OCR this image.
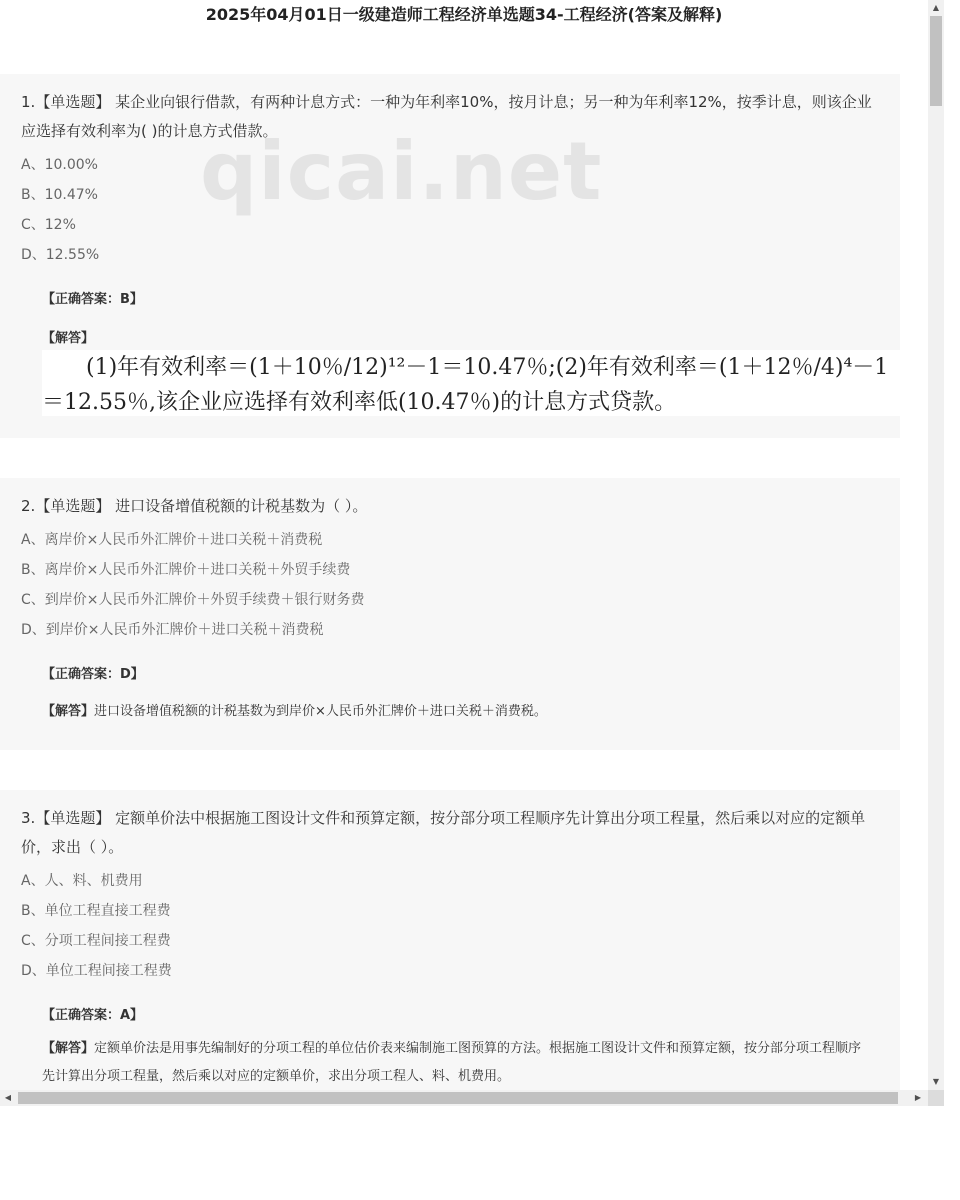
2025年04月01日一级建造师工程经济单选题34-工程经济(答案及解释)
1.【单选题】 某企业向银行借款，有两种计息方式：一种为年利率10%，按月计息；另一种为年利率12%，按季计息，则该企业应选择有效利率为( )的计息方式借款。
A、10.00%
B、10.47%
C、12%
D、12.55%
【正确答案：B】
【解答】
　　(1)年有效利率＝(1＋10％/12)¹²－1＝10.47％;(2)年有效利率＝(1＋12％/4)⁴－1
＝12.55％,该企业应选择有效利率低(10.47％)的计息方式贷款。
2.【单选题】 进口设备增值税额的计税基数为（ ）。
A、离岸价×人民币外汇牌价＋进口关税＋消费税
B、离岸价×人民币外汇牌价＋进口关税＋外贸手续费
C、到岸价×人民币外汇牌价＋外贸手续费＋银行财务费
D、到岸价×人民币外汇牌价＋进口关税＋消费税
【正确答案：D】
【解答】进口设备增值税额的计税基数为到岸价×人民币外汇牌价＋进口关税＋消费税。
3.【单选题】 定额单价法中根据施工图设计文件和预算定额，按分部分项工程顺序先计算出分项工程量，然后乘以对应的定额单价，求出（ ）。
A、人、料、机费用
B、单位工程直接工程费
C、分项工程间接工程费
D、单位工程间接工程费
【正确答案：A】
【解答】定额单价法是用事先编制好的分项工程的单位估价表来编制施工图预算的方法。根据施工图设计文件和预算定额，按分部分项工程顺序先计算出分项工程量，然后乘以对应的定额单价，求出分项工程人、料、机费用。
qicai.net
▲
▼
◀	▶
